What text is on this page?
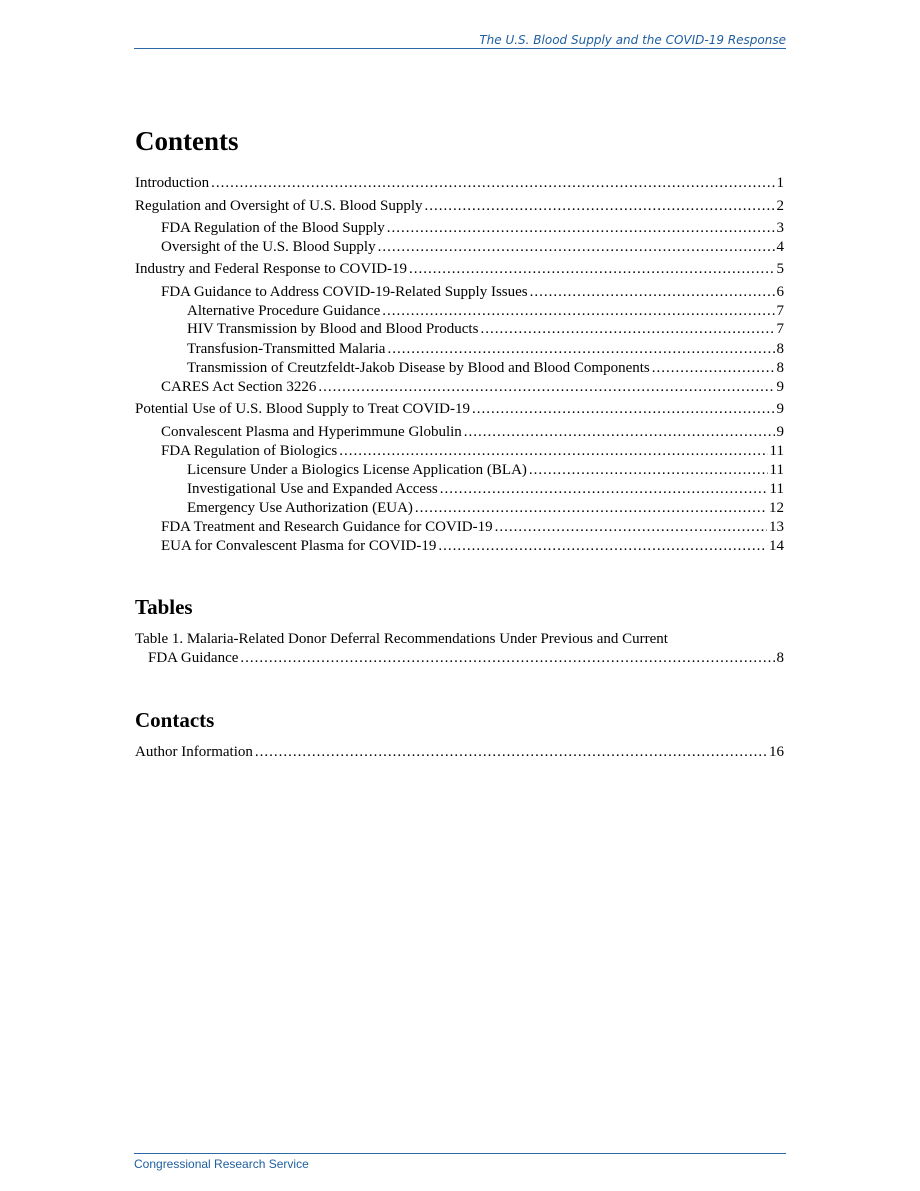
The U.S. Blood Supply and the COVID-19 Response
Contents
Introduction .....	1
Regulation and Oversight of U.S. Blood Supply .....	2
FDA Regulation of the Blood Supply .....	3
Oversight of the U.S. Blood Supply .....	4
Industry and Federal Response to COVID-19 .....	5
FDA Guidance to Address COVID-19-Related Supply Issues .....	6
Alternative Procedure Guidance .....	7
HIV Transmission by Blood and Blood Products .....	7
Transfusion-Transmitted Malaria .....	8
Transmission of Creutzfeldt-Jakob Disease by Blood and Blood Components .....	8
CARES Act Section 3226 .....	9
Potential Use of U.S. Blood Supply to Treat COVID-19 .....	9
Convalescent Plasma and Hyperimmune Globulin .....	9
FDA Regulation of Biologics .....	11
Licensure Under a Biologics License Application (BLA) .....	11
Investigational Use and Expanded Access .....	11
Emergency Use Authorization (EUA) .....	12
FDA Treatment and Research Guidance for COVID-19 .....	13
EUA for Convalescent Plasma for COVID-19 .....	14
Tables
Table 1. Malaria-Related Donor Deferral Recommendations Under Previous and Current
FDA Guidance .....	8
Contacts
Author Information .....	16
Congressional Research Service
